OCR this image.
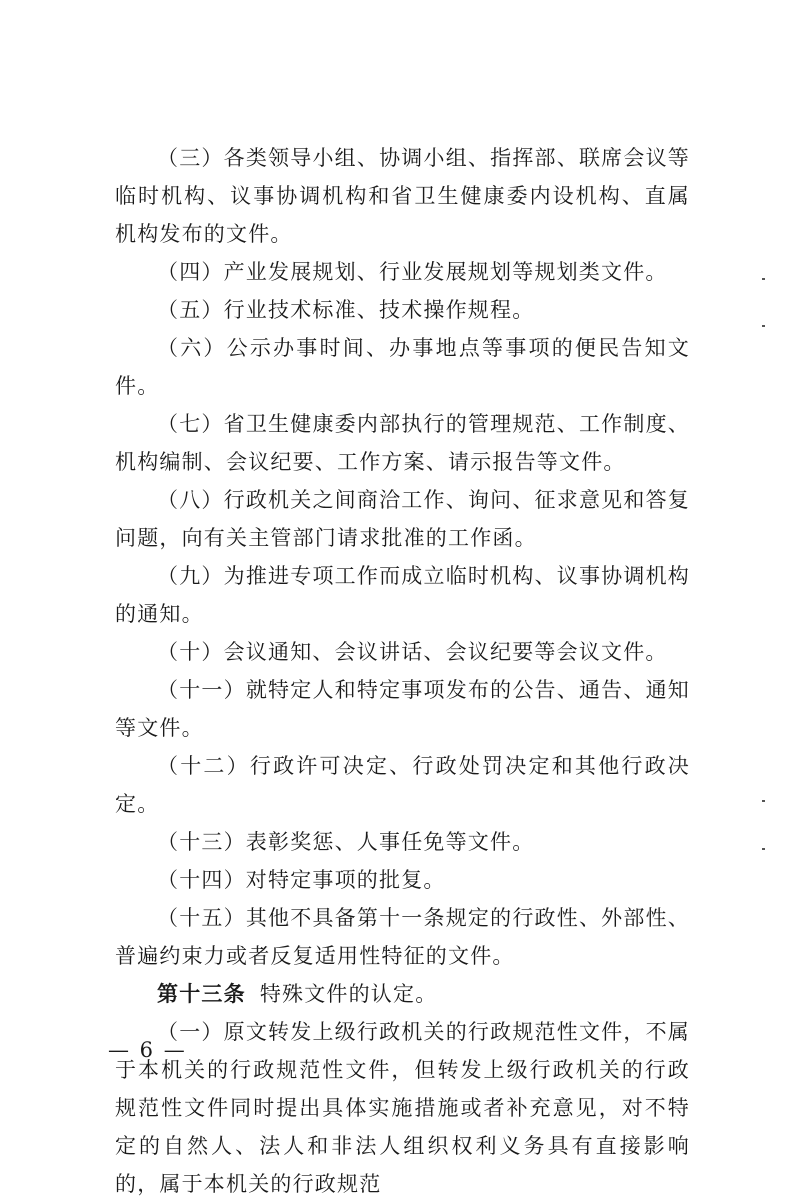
（三）各类领导小组、协调小组、指挥部、联席会议等临时机构、议事协调机构和省卫生健康委内设机构、直属机构发布的文件。

（四）产业发展规划、行业发展规划等规划类文件。

（五）行业技术标准、技术操作规程。

（六）公示办事时间、办事地点等事项的便民告知文件。

（七）省卫生健康委内部执行的管理规范、工作制度、机构编制、会议纪要、工作方案、请示报告等文件。

（八）行政机关之间商洽工作、询问、征求意见和答复问题，向有关主管部门请求批准的工作函。

（九）为推进专项工作而成立临时机构、议事协调机构的通知。

（十）会议通知、会议讲话、会议纪要等会议文件。

（十一）就特定人和特定事项发布的公告、通告、通知等文件。

（十二）行政许可决定、行政处罚决定和其他行政决定。

（十三）表彰奖惩、人事任免等文件。

（十四）对特定事项的批复。

（十五）其他不具备第十一条规定的行政性、外部性、普遍约束力或者反复适用性特征的文件。

第十三条 特殊文件的认定。

（一）原文转发上级行政机关的行政规范性文件，不属于本机关的行政规范性文件，但转发上级行政机关的行政规范性文件同时提出具体实施措施或者补充意见，对不特定的自然人、法人和非法人组织权利义务具有直接影响的，属于本机关的行政规范

— 6 —
